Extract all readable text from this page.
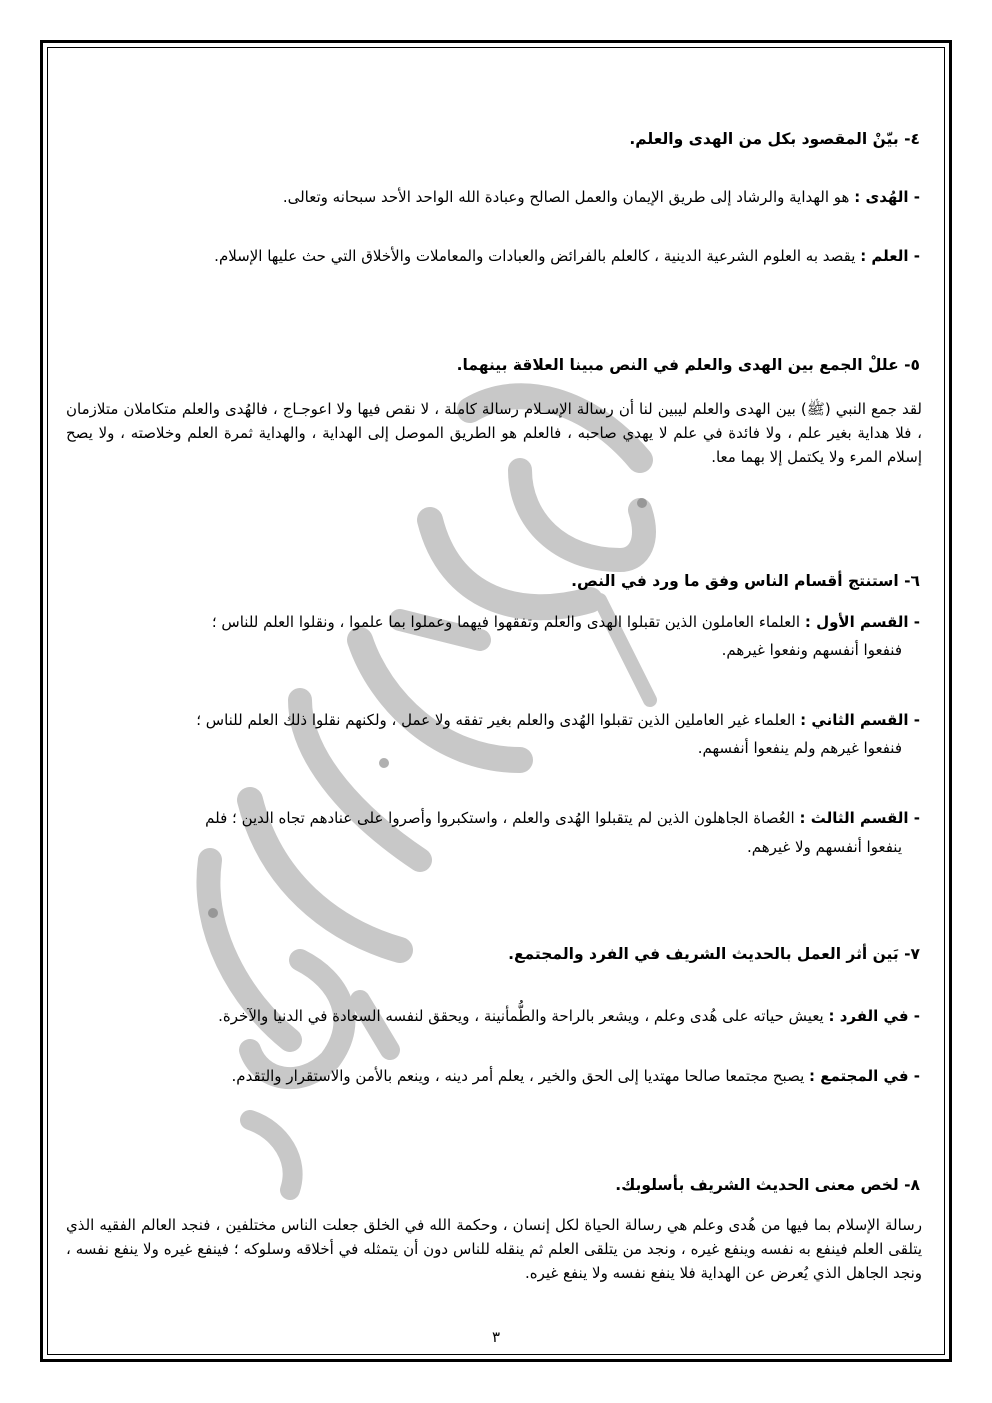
٤- بيّنْ المقصود بكل من الهدى والعلم.
- الهُدى : هو الهداية والرشاد إلى طريق الإيمان والعمل الصالح وعبادة الله الواحد الأحد سبحانه وتعالى.
- العلم : يقصد به العلوم الشرعية الدينية ، كالعلم بالفرائض والعبادات والمعاملات والأخلاق التي حث عليها الإسلام.
٥- عللْ الجمع بين الهدى والعلم في النص مبينا العلاقة بينهما.
لقد جمع النبي (ﷺ) بين الهدى والعلم ليبين لنا أن رسالة الإسـلام رسالة كاملة ، لا نقص فيها ولا اعوجـاج ، فالهُدى والعلم متكاملان متلازمان ، فلا هداية بغير علم ، ولا فائدة في علم لا يهدي صاحبه ، فالعلم هو الطريق الموصل إلى الهداية ، والهداية ثمرة العلم وخلاصته ، ولا يصح إسلام المرء ولا يكتمل إلا بهما معا.
٦- استنتج أقسام الناس وفق ما ورد في النص.
- القسم الأول : العلماء العاملون الذين تقبلوا الهدى والعلم وتفقهوا فيهما وعملوا بما علموا ، ونقلوا العلم للناس ؛
فنفعوا أنفسهم ونفعوا غيرهم.
- القسم الثاني : العلماء غير العاملين الذين تقبلوا الهُدى والعلم بغير تفقه ولا عمل ، ولكنهم نقلوا ذلك العلم للناس ؛
فنفعوا غيرهم ولم ينفعوا أنفسهم.
- القسم الثالث : العُصاة الجاهلون الذين لم يتقبلوا الهُدى والعلم ، واستكبروا وأصروا على عنادهم تجاه الدين ؛ فلم
ينفعوا أنفسهم ولا غيرهم.
٧- بَين أثر العمل بالحديث الشريف في الفرد والمجتمع.
- في الفرد : يعيش حياته على هُدى وعلم ، ويشعر بالراحة والطُّمأنينة ، ويحقق لنفسه السعادة في الدنيا والآخرة.
- في المجتمع : يصبح مجتمعا صالحا مهتديا إلى الحق والخير ، يعلم أمر دينه ، وينعم بالأمن والاستقرار والتقدم.
٨- لخص معنى الحديث الشريف بأسلوبك.
رسالة الإسلام بما فيها من هُدى وعلم هي رسالة الحياة لكل إنسان ، وحكمة الله في الخلق جعلت الناس مختلفين ، فنجد العالم الفقيه الذي يتلقى العلم فينفع به نفسه وينفع غيره ، ونجد من يتلقى العلم ثم ينقله للناس دون أن يتمثله في أخلاقه وسلوكه ؛ فينفع غيره ولا ينفع نفسه ، ونجد الجاهل الذي يُعرض عن الهداية فلا ينفع نفسه ولا ينفع غيره.
٣
